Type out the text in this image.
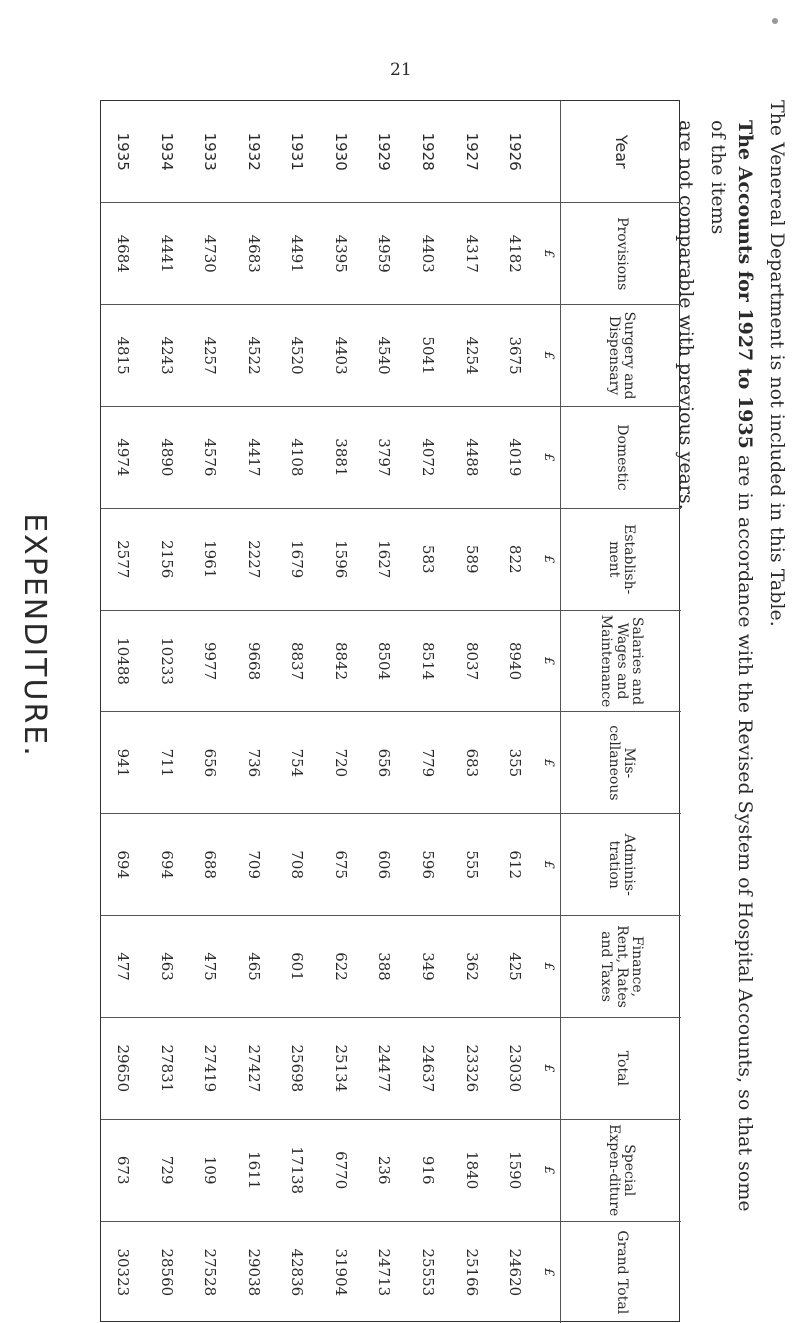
21
EXPENDITURE.
Year	Provisions	Surgery and Dispensary	Domestic	Establish-ment	Salaries and Wages and Maintenance	Mis-cellaneous	Adminis-tration	Finance, Rent, Rates and Taxes	Total	Special Expen-diture	Grand Total
	£	£	£	£	£	£	£	£	£	£	£
1926	4182	3675	4019	822	8940	355	612	425	23030	1590	24620
1927	4317	4254	4488	589	8037	683	555	362	23326	1840	25166
1928	4403	5041	4072	583	8514	779	596	349	24637	916	25553
1929	4959	4540	3797	1627	8504	656	606	388	24477	236	24713
1930	4395	4403	3881	1596	8842	720	675	622	25134	6770	31904
1931	4491	4520	4108	1679	8837	754	708	601	25698	17138	42836
1932	4683	4522	4417	2227	9668	736	709	465	27427	1611	29038
1933	4730	4257	4576	1961	9977	656	688	475	27419	109	27528
1934	4441	4243	4890	2156	10233	711	694	463	27831	729	28560
1935	4684	4815	4974	2577	10488	941	694	477	29650	673	30323

The Venereal Department is not included in this Table.

The Accounts for 1927 to 1935 are in accordance with the Revised System of Hospital Accounts, so that some of the items

are not comparable with previous years.
